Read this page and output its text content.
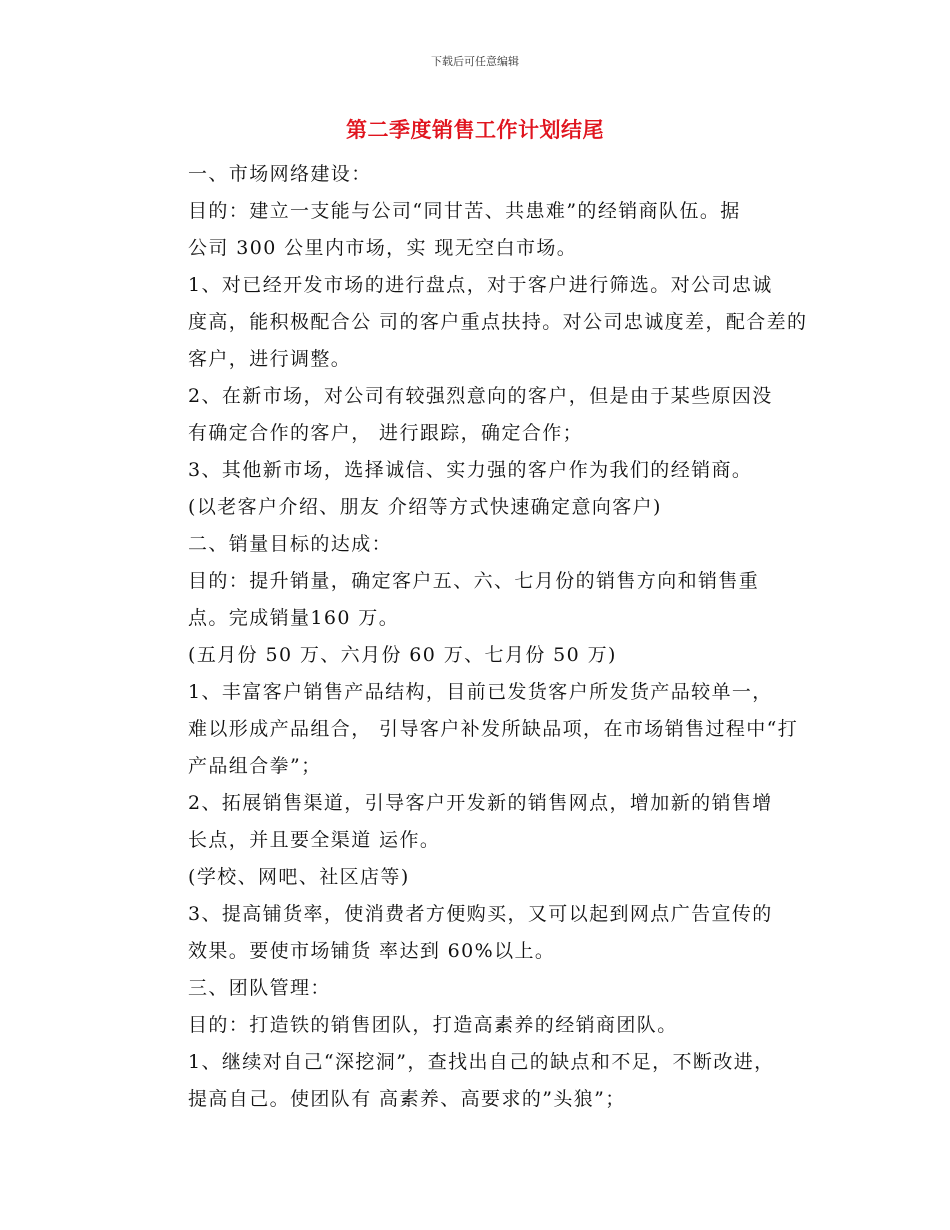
下载后可任意编辑
第二季度销售工作计划结尾

一、市场网络建设：

目的：建立一支能与公司“同甘苦、共患难”的经销商队伍。据
公司 300 公里内市场，实 现无空白市场。

1、对已经开发市场的进行盘点，对于客户进行筛选。对公司忠诚
度高，能积极配合公 司的客户重点扶持。对公司忠诚度差，配合差的
客户，进行调整。

2、在新市场，对公司有较强烈意向的客户，但是由于某些原因没
有确定合作的客户， 进行跟踪，确定合作；

3、其他新市场，选择诚信、实力强的客户作为我们的经销商。

(以老客户介绍、朋友 介绍等方式快速确定意向客户)

二、销量目标的达成：

目的：提升销量，确定客户五、六、七月份的销售方向和销售重
点。完成销量160 万。

(五月份 50 万、六月份 60 万、七月份 50 万)

1、丰富客户销售产品结构，目前已发货客户所发货产品较单一，
难以形成产品组合， 引导客户补发所缺品项，在市场销售过程中“打
产品组合拳”；

2、拓展销售渠道，引导客户开发新的销售网点，增加新的销售增
长点，并且要全渠道 运作。

(学校、网吧、社区店等)

3、提高铺货率，使消费者方便购买，又可以起到网点广告宣传的
效果。要使市场铺货 率达到 60%以上。

三、团队管理：

目的：打造铁的销售团队，打造高素养的经销商团队。

1、继续对自己“深挖洞”，查找出自己的缺点和不足，不断改进，
提高自己。使团队有 高素养、高要求的”头狼”；
